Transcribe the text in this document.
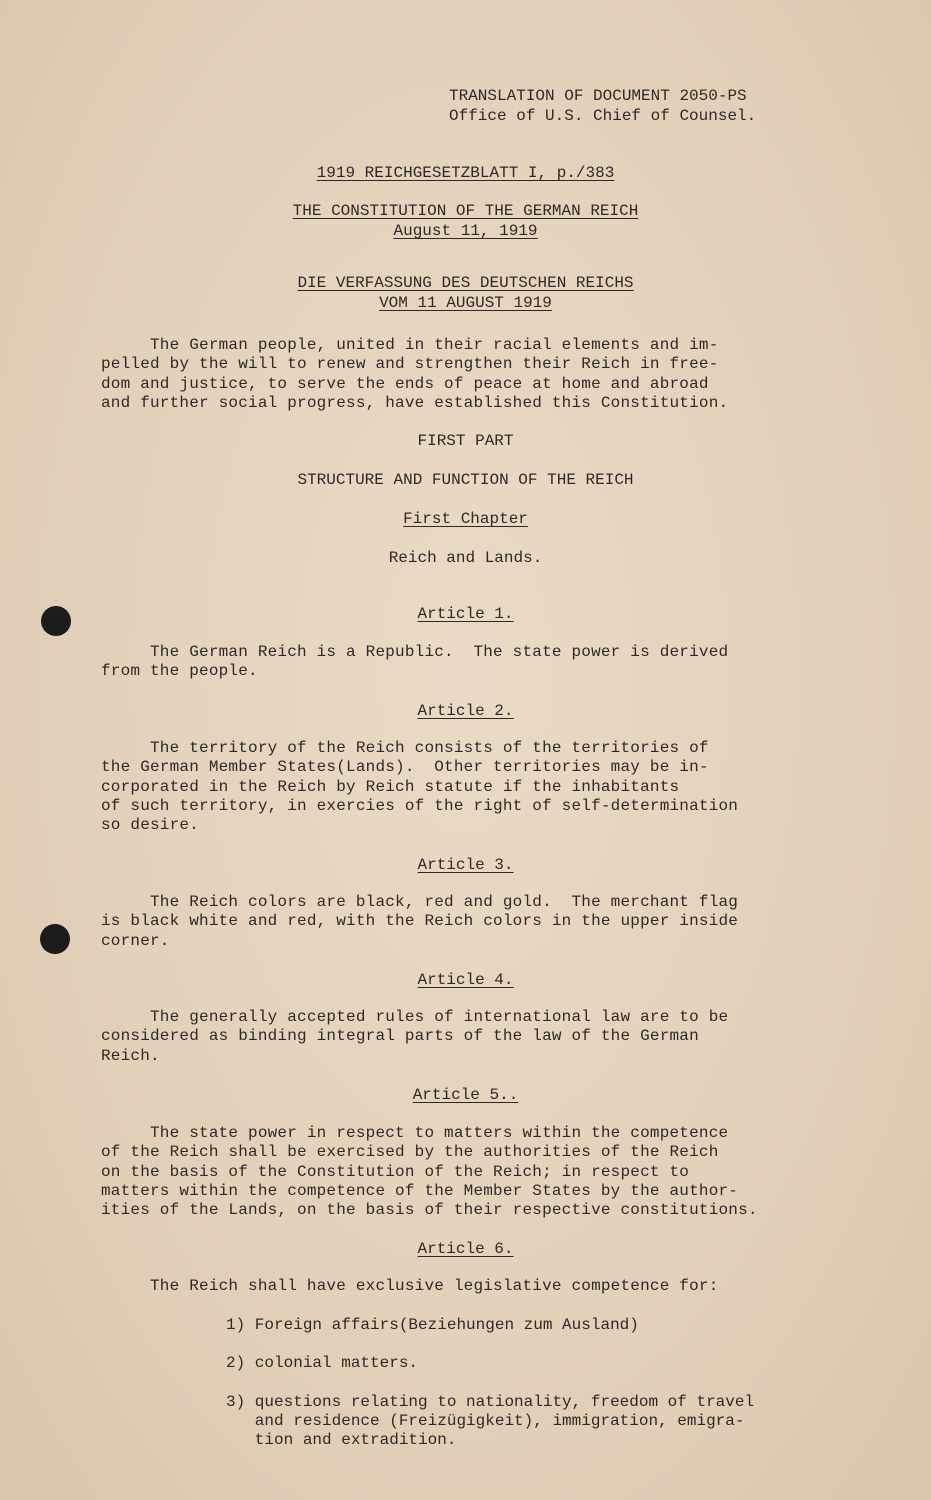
TRANSLATION OF DOCUMENT 2050-PS
Office of U.S. Chief of Counsel.
1919 REICHGESETZBLATT I, p./383
THE CONSTITUTION OF THE GERMAN REICH
August 11, 1919
DIE VERFASSUNG DES DEUTSCHEN REICHS
VOM 11 AUGUST 1919
The German people, united in their racial elements and im-
pelled by the will to renew and strengthen their Reich in free-
dom and justice, to serve the ends of peace at home and abroad
and further social progress, have established this Constitution.
FIRST PART
STRUCTURE AND FUNCTION OF THE REICH
First Chapter
Reich and Lands.
Article 1.
The German Reich is a Republic.  The state power is derived
from the people.
Article 2.
The territory of the Reich consists of the territories of
the German Member States(Lands).  Other territories may be in-
corporated in the Reich by Reich statute if the inhabitants
of such territory, in exercies of the right of self-determination
so desire.
Article 3.
The Reich colors are black, red and gold.  The merchant flag
is black white and red, with the Reich colors in the upper inside
corner.
Article 4.
The generally accepted rules of international law are to be
considered as binding integral parts of the law of the German
Reich.
Article 5..
The state power in respect to matters within the competence
of the Reich shall be exercised by the authorities of the Reich
on the basis of the Constitution of the Reich; in respect to
matters within the competence of the Member States by the author-
ities of the Lands, on the basis of their respective constitutions.
Article 6.
The Reich shall have exclusive legislative competence for:
1) Foreign affairs(Beziehungen zum Ausland)
2) colonial matters.
3) questions relating to nationality, freedom of travel
and residence (Freizügigkeit), immigration, emigra-
tion and extradition.
